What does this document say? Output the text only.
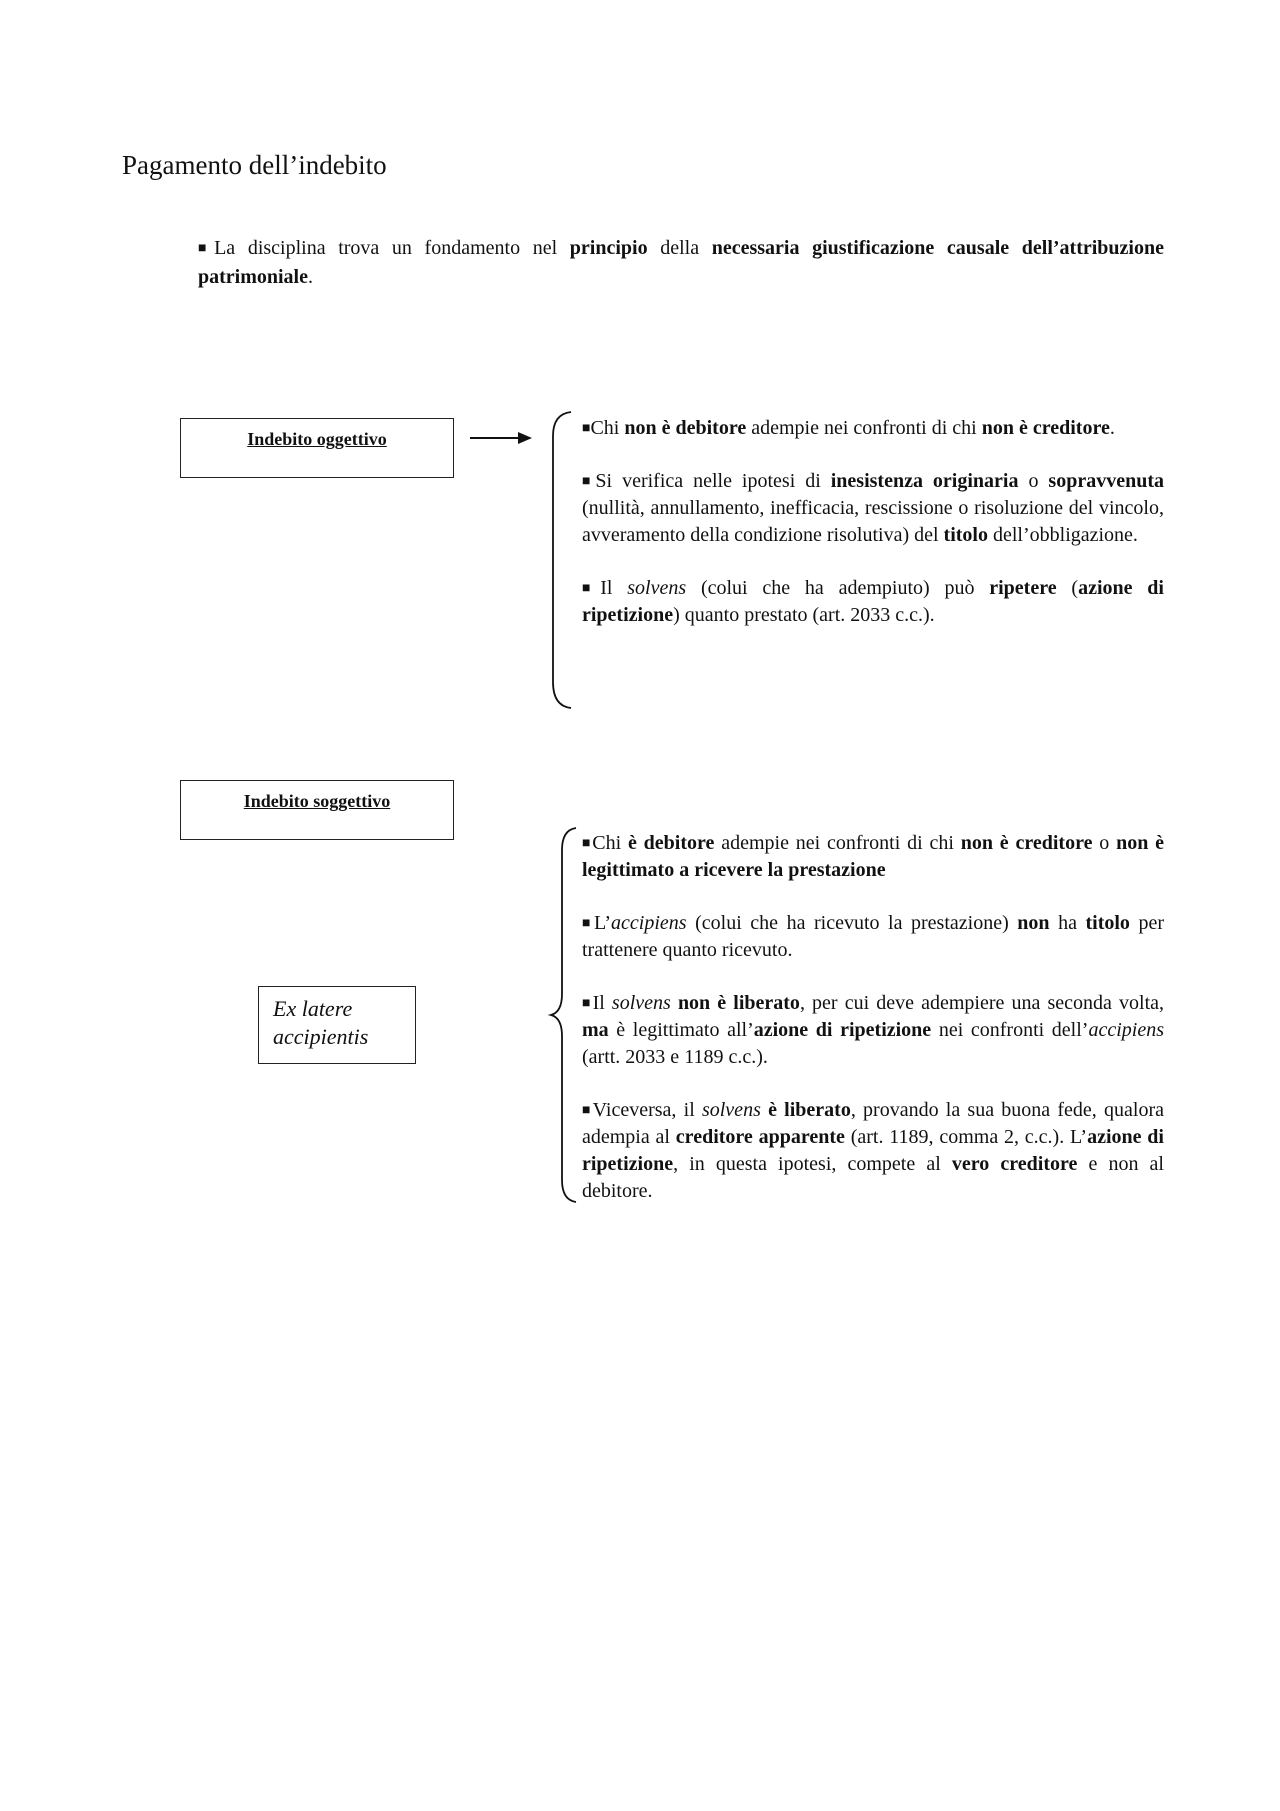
Pagamento dell’indebito

■La disciplina trova un fondamento nel principio della necessaria giustificazione causale dell’attribuzione patrimoniale.

Indebito oggettivo

■Chi non è debitore adempie nei confronti di chi non è creditore.

■Si verifica nelle ipotesi di inesistenza originaria o sopravvenuta (nullità, annullamento, inefficacia, rescissione o risoluzione del vincolo, avveramento della condizione risolutiva) del titolo dell’obbligazione.

■Il solvens (colui che ha adempiuto) può ripetere (azione di ripetizione) quanto prestato (art. 2033 c.c.).

Indebito soggettivo
Ex latere
accipientis

■Chi è debitore adempie nei confronti di chi non è creditore o non è legittimato a ricevere la prestazione

■L’accipiens (colui che ha ricevuto la prestazione) non ha titolo per trattenere quanto ricevuto.

■Il solvens non è liberato, per cui deve adempiere una seconda volta, ma è legittimato all’azione di ripetizione nei confronti dell’accipiens (artt. 2033 e 1189 c.c.).

■Viceversa, il solvens è liberato, provando la sua buona fede, qualora adempia al creditore apparente (art. 1189, comma 2, c.c.). L’azione di ripetizione, in questa ipotesi, compete al vero creditore e non al debitore.
